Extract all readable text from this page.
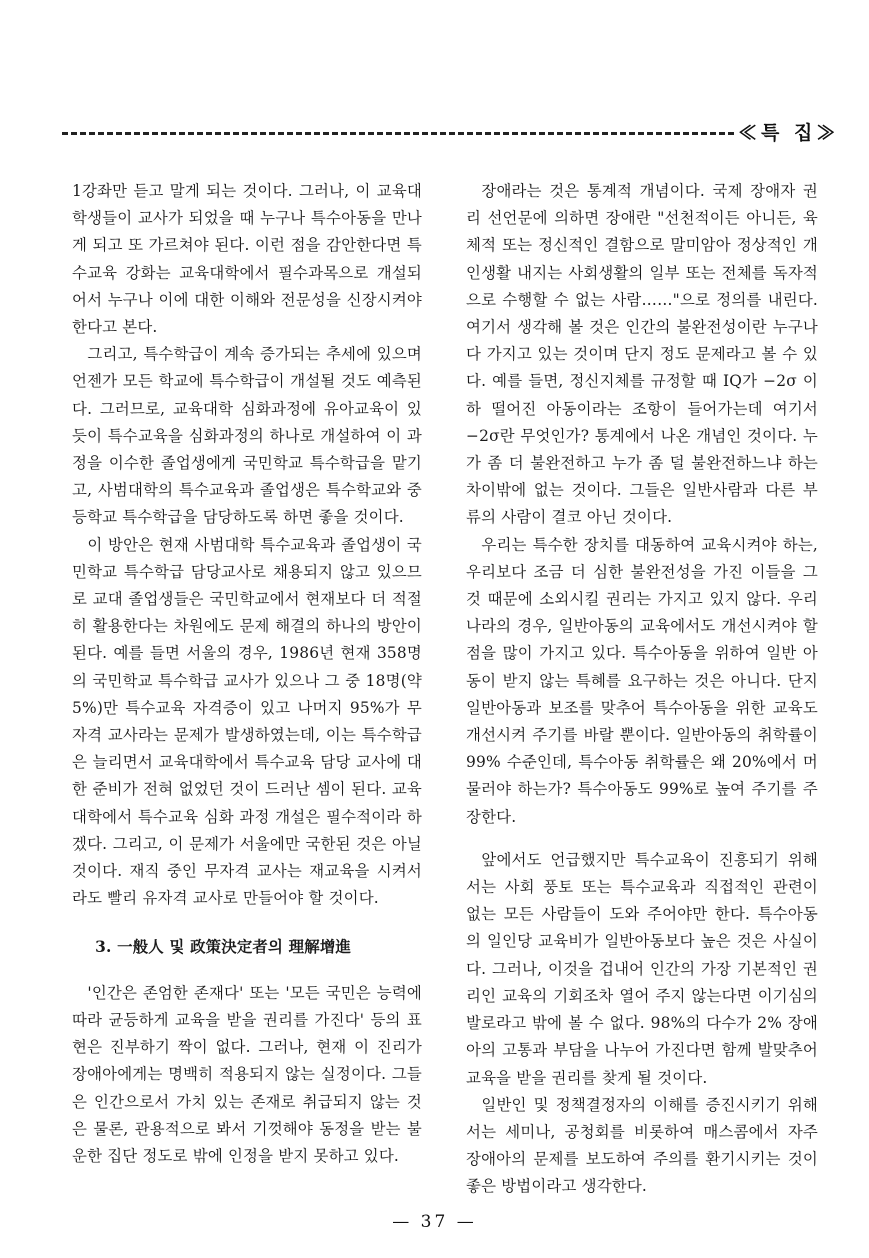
≪특 집≫

1강좌만 듣고 말게 되는 것이다. 그러나, 이 교육대학생들이 교사가 되었을 때 누구나 특수아동을 만나게 되고 또 가르쳐야 된다. 이런 점을 감안한다면 특수교육 강화는 교육대학에서 필수과목으로 개설되어서 누구나 이에 대한 이해와 전문성을 신장시켜야 한다고 본다.

그리고, 특수학급이 계속 증가되는 추세에 있으며 언젠가 모든 학교에 특수학급이 개설될 것도 예측된다. 그러므로, 교육대학 심화과정에 유아교육이 있듯이 특수교육을 심화과정의 하나로 개설하여 이 과정을 이수한 졸업생에게 국민학교 특수학급을 맡기고, 사범대학의 특수교육과 졸업생은 특수학교와 중등학교 특수학급을 담당하도록 하면 좋을 것이다.

이 방안은 현재 사범대학 특수교육과 졸업생이 국민학교 특수학급 담당교사로 채용되지 않고 있으므로 교대 졸업생들은 국민학교에서 현재보다 더 적절히 활용한다는 차원에도 문제 해결의 하나의 방안이 된다. 예를 들면 서울의 경우, 1986년 현재 358명의 국민학교 특수학급 교사가 있으나 그 중 18명(약 5%)만 특수교육 자격증이 있고 나머지 95%가 무자격 교사라는 문제가 발생하였는데, 이는 특수학급은 늘리면서 교육대학에서 특수교육 담당 교사에 대한 준비가 전혀 없었던 것이 드러난 셈이 된다. 교육대학에서 특수교육 심화 과정 개설은 필수적이라 하겠다. 그리고, 이 문제가 서울에만 국한된 것은 아닐 것이다. 재직 중인 무자격 교사는 재교육을 시켜서라도 빨리 유자격 교사로 만들어야 할 것이다.

3. 一般人 및 政策決定者의 理解增進

'인간은 존엄한 존재다' 또는 '모든 국민은 능력에 따라 균등하게 교육을 받을 권리를 가진다' 등의 표현은 진부하기 짝이 없다. 그러나, 현재 이 진리가 장애아에게는 명백히 적용되지 않는 실정이다. 그들은 인간으로서 가치 있는 존재로 취급되지 않는 것은 물론, 관용적으로 봐서 기껏해야 동정을 받는 불운한 집단 정도로 밖에 인정을 받지 못하고 있다.

장애라는 것은 통계적 개념이다. 국제 장애자 권리 선언문에 의하면 장애란 "선천적이든 아니든, 육체적 또는 정신적인 결함으로 말미암아 정상적인 개인생활 내지는 사회생활의 일부 또는 전체를 독자적으로 수행할 수 없는 사람……"으로 정의를 내린다. 여기서 생각해 볼 것은 인간의 불완전성이란 누구나 다 가지고 있는 것이며 단지 정도 문제라고 볼 수 있다. 예를 들면, 정신지체를 규정할 때 IQ가 −2σ 이하 떨어진 아동이라는 조항이 들어가는데 여기서 −2σ란 무엇인가? 통계에서 나온 개념인 것이다. 누가 좀 더 불완전하고 누가 좀 덜 불완전하느냐 하는 차이밖에 없는 것이다. 그들은 일반사람과 다른 부류의 사람이 결코 아닌 것이다.

우리는 특수한 장치를 대동하여 교육시켜야 하는, 우리보다 조금 더 심한 불완전성을 가진 이들을 그것 때문에 소외시킬 권리는 가지고 있지 않다. 우리 나라의 경우, 일반아동의 교육에서도 개선시켜야 할 점을 많이 가지고 있다. 특수아동을 위하여 일반 아동이 받지 않는 특혜를 요구하는 것은 아니다. 단지 일반아동과 보조를 맞추어 특수아동을 위한 교육도 개선시켜 주기를 바랄 뿐이다. 일반아동의 취학률이 99% 수준인데, 특수아동 취학률은 왜 20%에서 머물러야 하는가? 특수아동도 99%로 높여 주기를 주장한다.

앞에서도 언급했지만 특수교육이 진흥되기 위해서는 사회 풍토 또는 특수교육과 직접적인 관련이 없는 모든 사람들이 도와 주어야만 한다. 특수아동의 일인당 교육비가 일반아동보다 높은 것은 사실이다. 그러나, 이것을 겁내어 인간의 가장 기본적인 권리인 교육의 기회조차 열어 주지 않는다면 이기심의 발로라고 밖에 볼 수 없다. 98%의 다수가 2% 장애아의 고통과 부담을 나누어 가진다면 함께 발맞추어 교육을 받을 권리를 찾게 될 것이다.

일반인 및 정책결정자의 이해를 증진시키기 위해서는 세미나, 공청회를 비롯하여 매스콤에서 자주 장애아의 문제를 보도하여 주의를 환기시키는 것이 좋은 방법이라고 생각한다.

— 37 —
